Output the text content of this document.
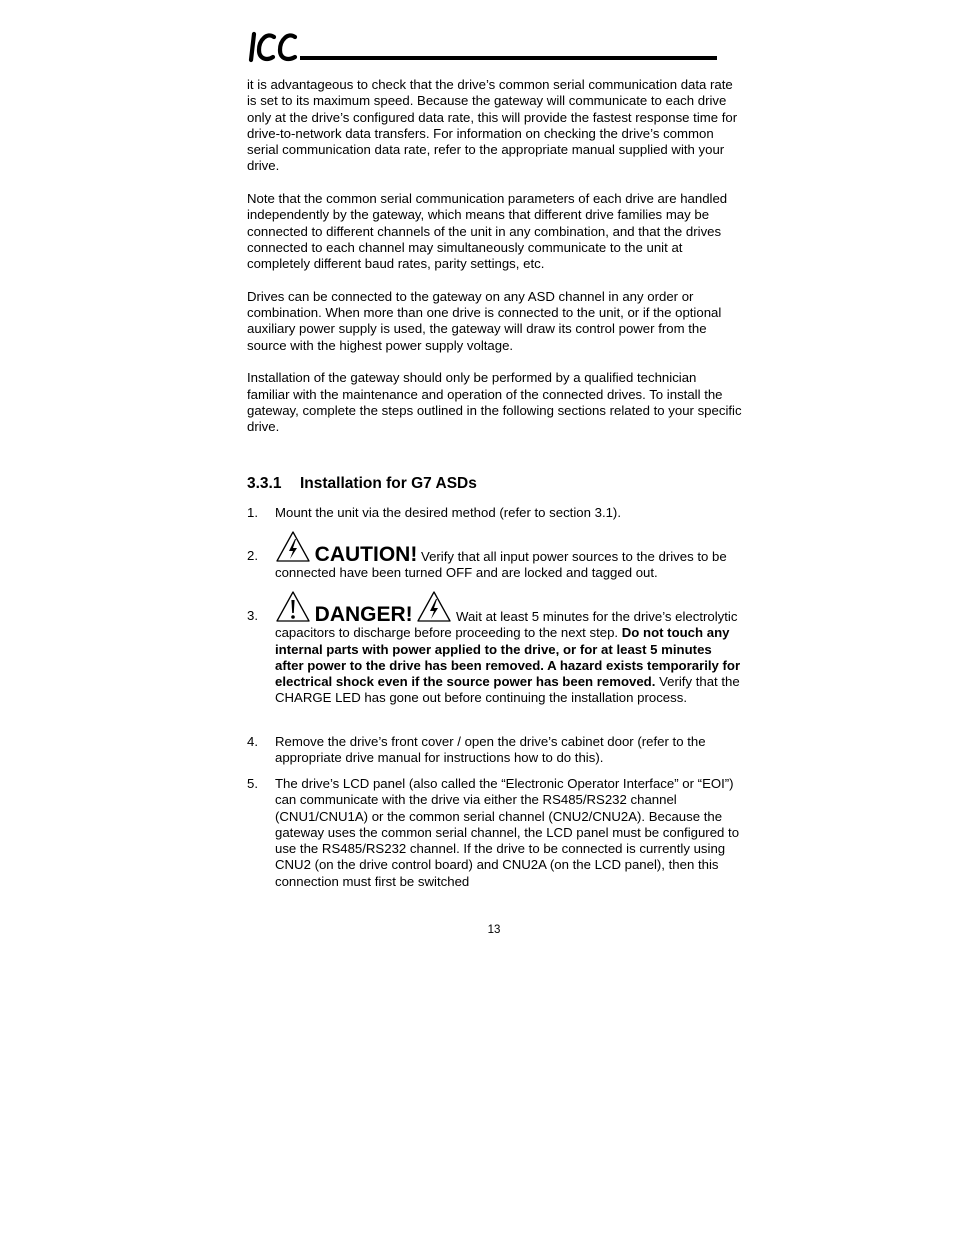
it is advantageous to check that the drive’s common serial communication data rate is set to its maximum speed. Because the gateway will communicate to each drive only at the drive’s configured data rate, this will provide the fastest response time for drive-to-network data transfers. For information on checking the drive’s common serial communication data rate, refer to the appropriate manual supplied with your drive.

Note that the common serial communication parameters of each drive are handled independently by the gateway, which means that different drive families may be connected to different channels of the unit in any combination, and that the drives connected to each channel may simultaneously communicate to the unit at completely different baud rates, parity settings, etc.

Drives can be connected to the gateway on any ASD channel in any order or combination. When more than one drive is connected to the unit, or if the optional auxiliary power supply is used, the gateway will draw its control power from the source with the highest power supply voltage.

Installation of the gateway should only be performed by a qualified technician familiar with the maintenance and operation of the connected drives. To install the gateway, complete the steps outlined in the following sections related to your specific drive.

3.3.1 Installation for G7 ASDs
1. Mount the unit via the desired method (refer to section 3.1).
2.	CAUTION! Verify that all input power sources to the drives to be connected have been turned OFF and are locked and tagged out.
3.	DANGER!	Wait at least 5 minutes for the drive’s electrolytic capacitors to discharge before proceeding to the next step. Do not touch any internal parts with power applied to the drive, or for at least 5 minutes after power to the drive has been removed. A hazard exists temporarily for electrical shock even if the source power has been removed. Verify that the CHARGE LED has gone out before continuing the installation process.
4. Remove the drive’s front cover / open the drive’s cabinet door (refer to the appropriate drive manual for instructions how to do this).
5. The drive’s LCD panel (also called the “Electronic Operator Interface” or “EOI”) can communicate with the drive via either the RS485/RS232 channel (CNU1/CNU1A) or the common serial channel (CNU2/CNU2A). Because the gateway uses the common serial channel, the LCD panel must be configured to use the RS485/RS232 channel. If the drive to be connected is currently using CNU2 (on the drive control board) and CNU2A (on the LCD panel), then this connection must first be switched
13
